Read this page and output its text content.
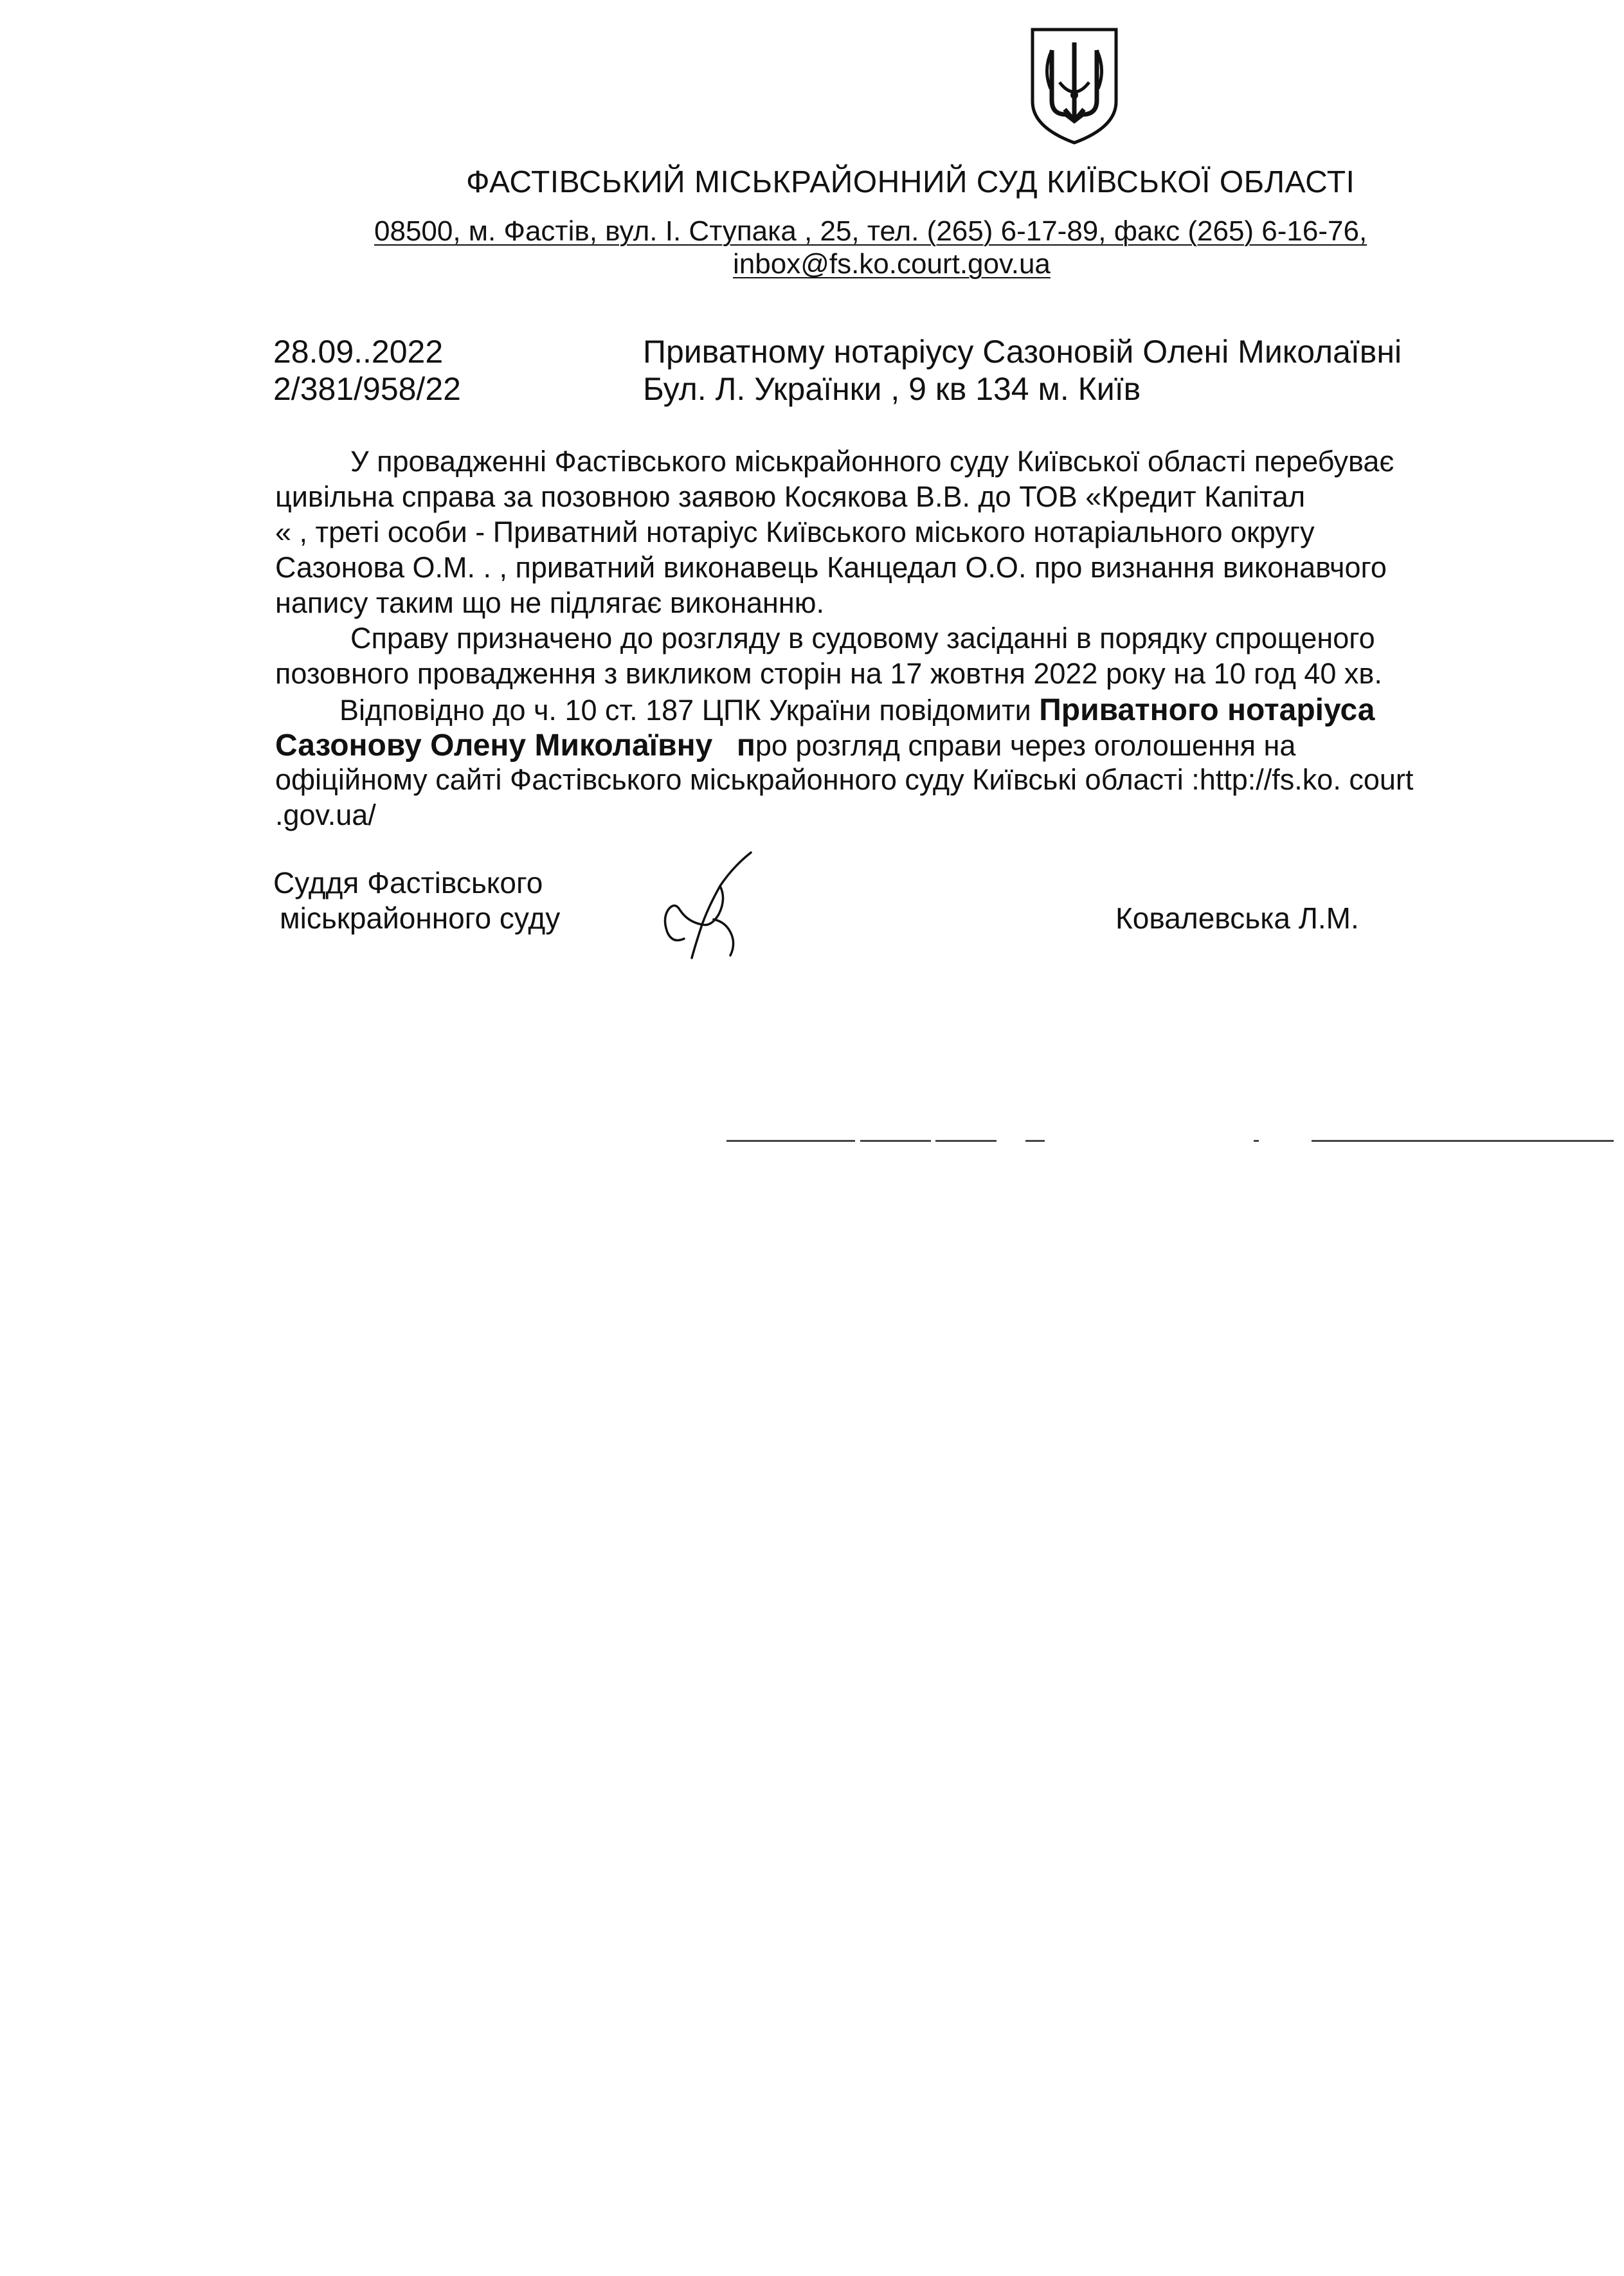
ФАСТІВСЬКИЙ МІСЬКРАЙОННИЙ СУД КИЇВСЬКОЇ ОБЛАСТІ
08500, м. Фастів, вул. І. Ступака , 25, тел. (265) 6-17-89, факс (265) 6-16-76,
inbox@fs.ko.court.gov.ua
28.09..2022
2/381/958/22
Приватному нотаріусу Сазоновій Олені Миколаївні
Бул. Л. Українки , 9 кв 134 м. Київ
У провадженні Фастівського міськрайонного суду Київської області перебуває
цивільна справа за позовною заявою Косякова В.В. до ТОВ «Кредит Капітал
« , треті особи - Приватний нотаріус Київського міського нотаріального округу
Сазонова О.М. . , приватний виконавець Канцедал О.О. про визнання виконавчого
напису таким що не підлягає виконанню.
Справу призначено до розгляду в судовому засіданні в порядку спрощеного
позовного провадження з викликом сторін на 17 жовтня 2022 року на 10 год 40 хв.
Відповідно до ч. 10 ст. 187 ЦПК України повідомити Приватного нотаріуса
Сазонову Олену Миколаївну про розгляд справи через оголошення на
офіційному сайті Фастівського міськрайонного суду Київські області :http://fs.ko. court
.gov.ua/
Суддя Фастівського
міськрайонного суду	Ковалевська Л.М.
